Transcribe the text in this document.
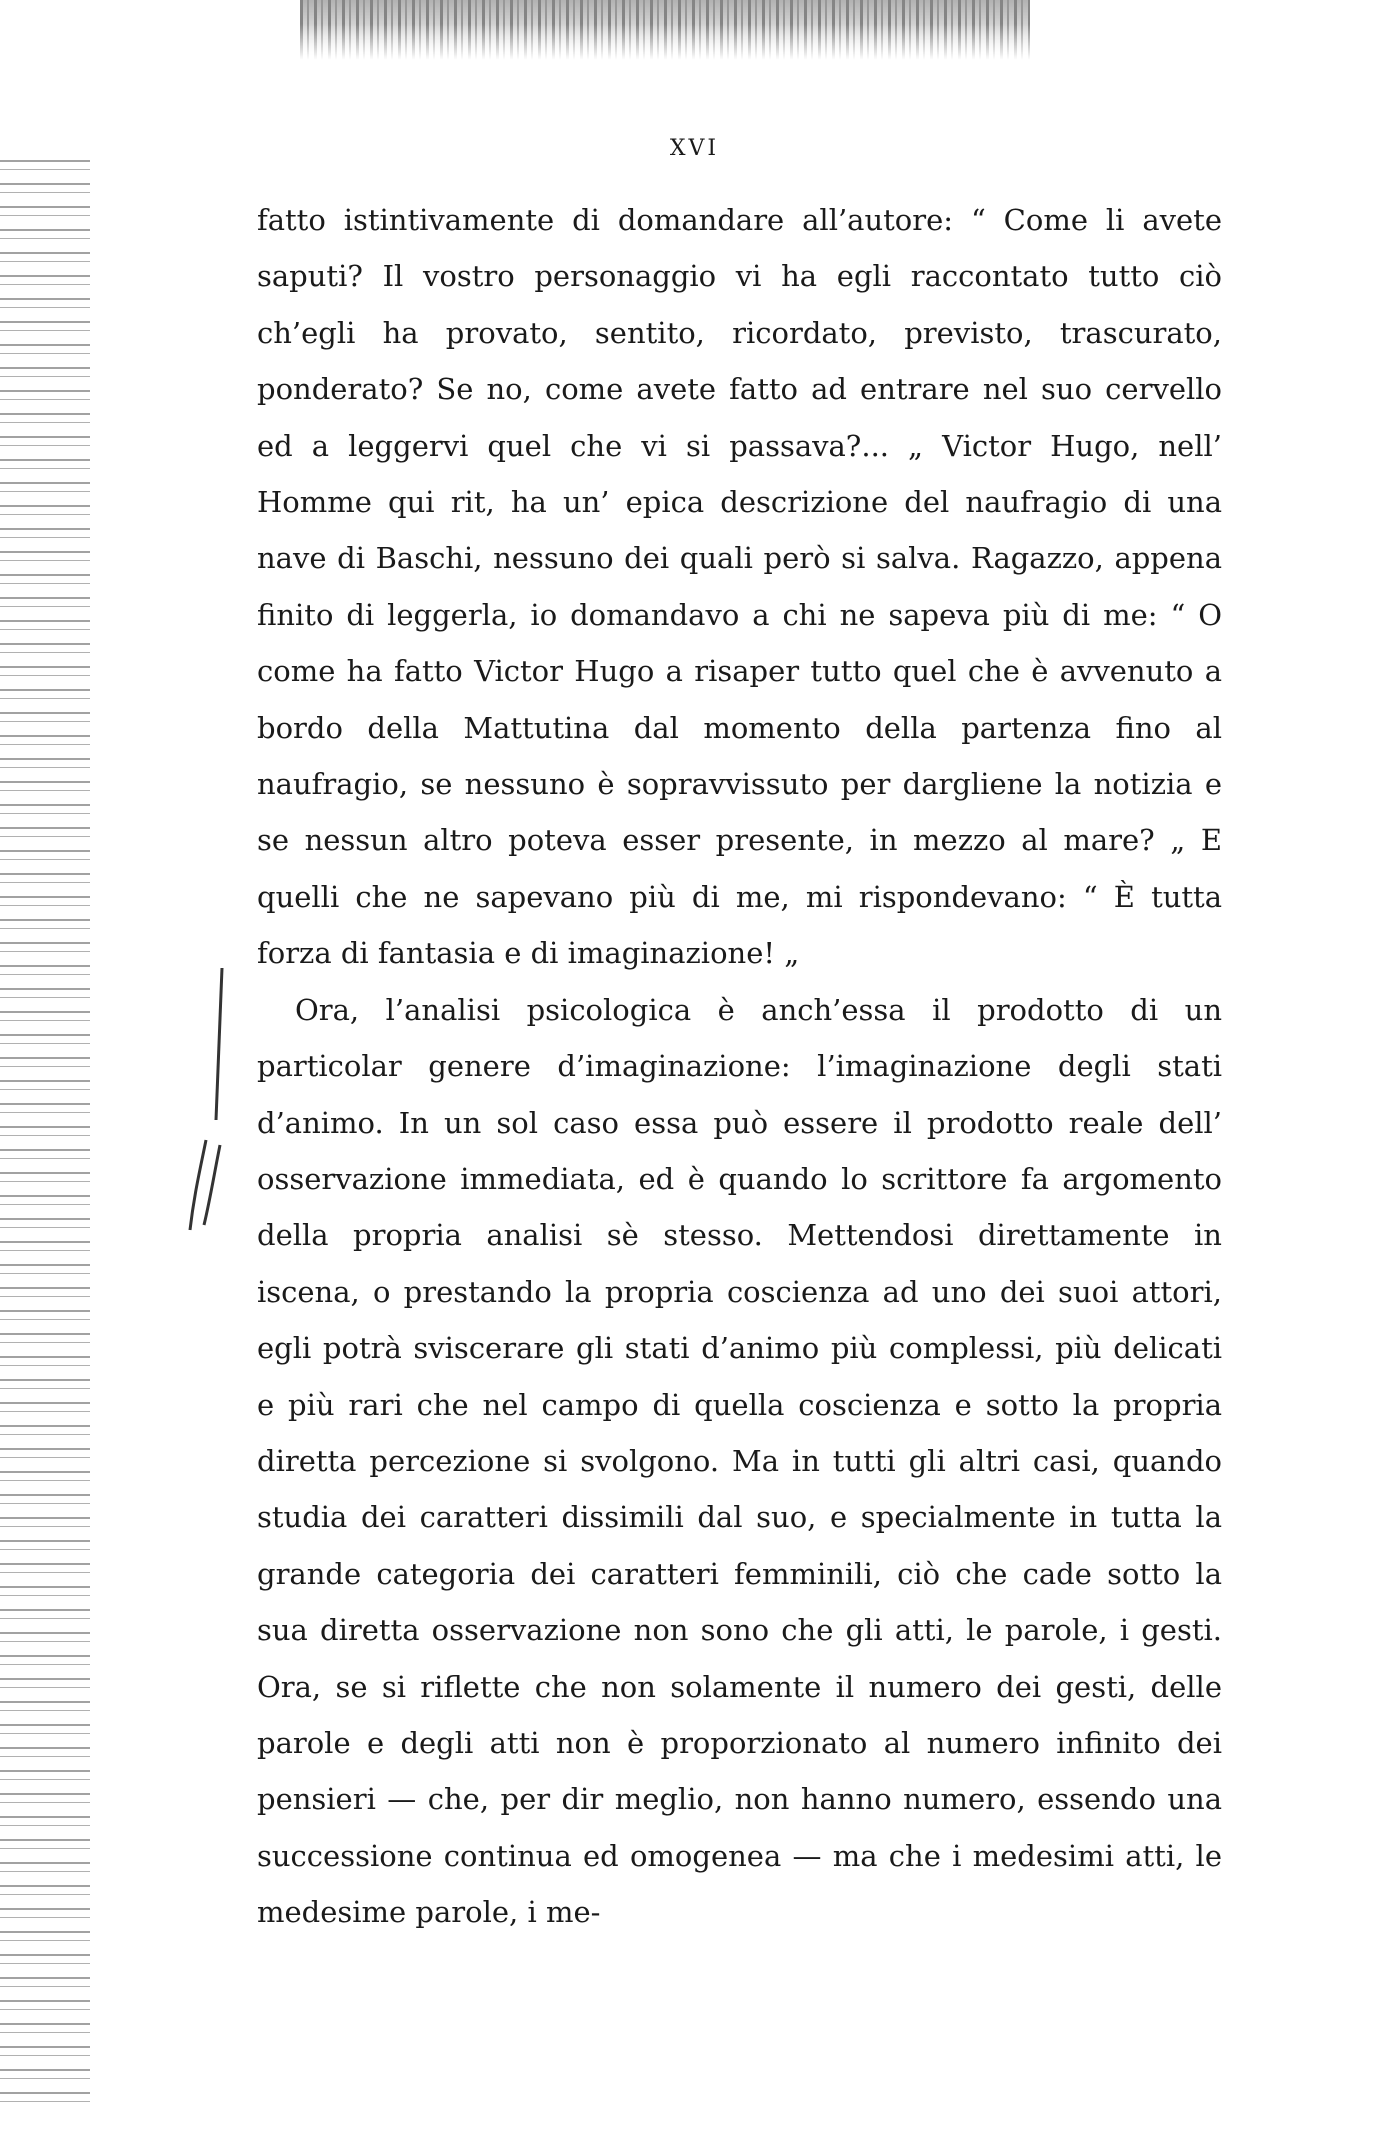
XVI

fatto istintivamente di domandare all’autore: “ Come li avete saputi? Il vostro personaggio vi ha egli raccontato tutto ciò ch’egli ha provato, sentito, ricordato, previsto, trascurato, ponderato? Se no, come avete fatto ad entrare nel suo cervello ed a leggervi quel che vi si passava?... „ Victor Hugo, nell’ Homme qui rit, ha un’ epica descrizione del naufragio di una nave di Baschi, nessuno dei quali però si salva. Ragazzo, appena finito di leggerla, io domandavo a chi ne sapeva più di me: “ O come ha fatto Victor Hugo a risaper tutto quel che è avvenuto a bordo della Mattutina dal momento della partenza fino al naufragio, se nessuno è sopravvissuto per dargliene la notizia e se nessun altro poteva esser presente, in mezzo al mare? „ E quelli che ne sapevano più di me, mi rispondevano: “ È tutta forza di fantasia e di imaginazione! „

Ora, l’analisi psicologica è anch’essa il prodotto di un particolar genere d’imaginazione: l’imaginazione degli stati d’animo. In un sol caso essa può essere il prodotto reale dell’ osservazione immediata, ed è quando lo scrittore fa argomento della propria analisi sè stesso. Mettendosi direttamente in iscena, o prestando la propria coscienza ad uno dei suoi attori, egli potrà sviscerare gli stati d’animo più complessi, più delicati e più rari che nel campo di quella coscienza e sotto la propria diretta percezione si svolgono. Ma in tutti gli altri casi, quando studia dei caratteri dissimili dal suo, e specialmente in tutta la grande categoria dei caratteri femminili, ciò che cade sotto la sua diretta osservazione non sono che gli atti, le parole, i gesti. Ora, se si riflette che non solamente il numero dei gesti, delle parole e degli atti non è proporzionato al numero infinito dei pensieri — che, per dir meglio, non hanno numero, essendo una successione continua ed omogenea — ma che i medesimi atti, le medesime parole, i me-
